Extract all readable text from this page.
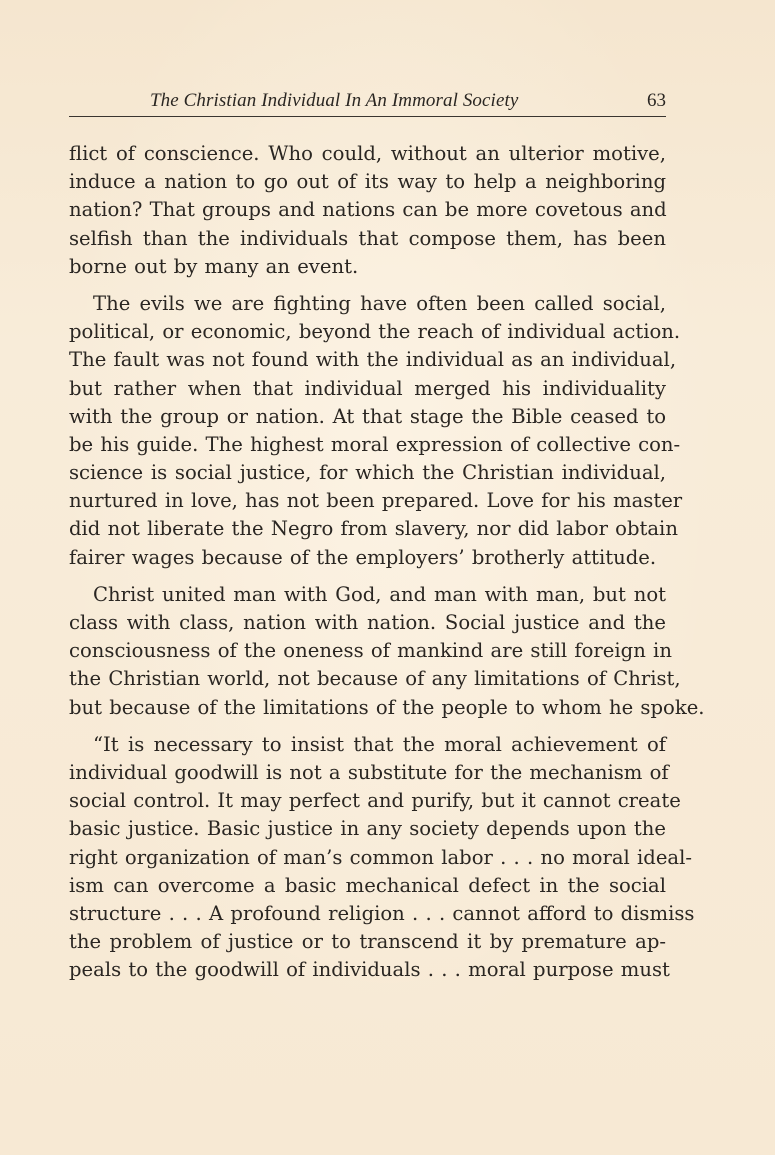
The Christian Individual In An Immoral Society	63
flict of conscience. Who could, without an ulterior motive,
induce a nation to go out of its way to help a neighboring
nation? That groups and nations can be more covetous and
selfish than the individuals that compose them, has been
borne out by many an event.
The evils we are fighting have often been called social,
political, or economic, beyond the reach of individual action.
The fault was not found with the individual as an individual,
but rather when that individual merged his individuality
with the group or nation. At that stage the Bible ceased to
be his guide. The highest moral expression of collective con-
science is social justice, for which the Christian individual,
nurtured in love, has not been prepared. Love for his master
did not liberate the Negro from slavery, nor did labor obtain
fairer wages because of the employers’ brotherly attitude.
Christ united man with God, and man with man, but not
class with class, nation with nation. Social justice and the
consciousness of the oneness of mankind are still foreign in
the Christian world, not because of any limitations of Christ,
but because of the limitations of the people to whom he spoke.
“It is necessary to insist that the moral achievement of
individual goodwill is not a substitute for the mechanism of
social control. It may perfect and purify, but it cannot create
basic justice. Basic justice in any society depends upon the
right organization of man’s common labor . . . no moral ideal-
ism can overcome a basic mechanical defect in the social
structure . . . A profound religion . . . cannot afford to dismiss
the problem of justice or to transcend it by premature ap-
peals to the goodwill of individuals . . . moral purpose must
